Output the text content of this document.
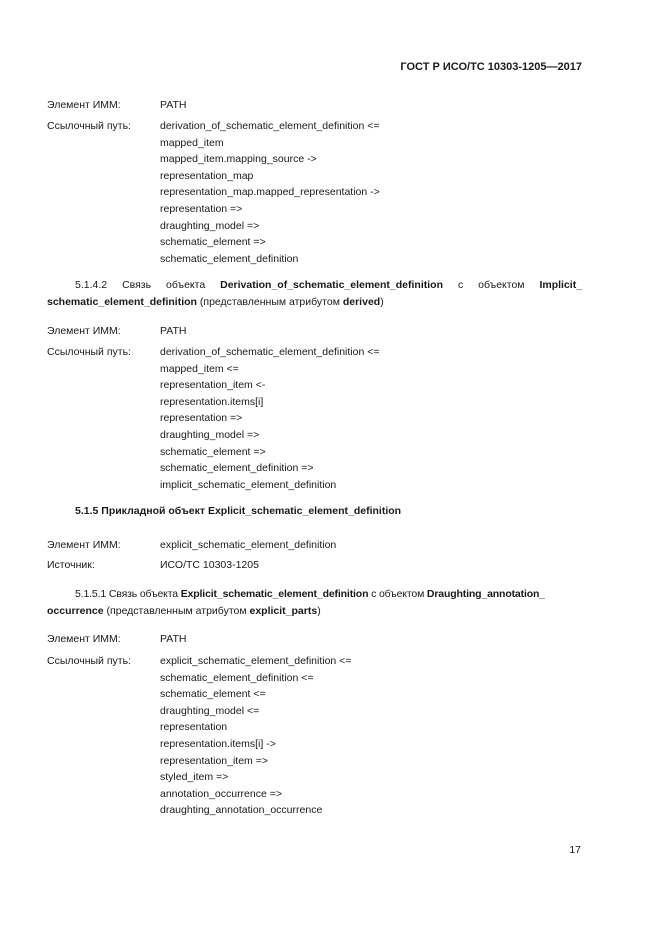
ГОСТ Р ИСО/ТС 10303-1205—2017
Элемент ИММ:	PATH
Ссылочный путь:	derivation_of_schematic_element_definition <=
mapped_item
mapped_item.mapping_source ->
representation_map
representation_map.mapped_representation ->
representation =>
draughting_model =>
schematic_element =>
schematic_element_definition
5.1.4.2 Связь объекта Derivation_of_schematic_element_definition с объектом Implicit_
schematic_element_definition (представленным атрибутом derived)
Элемент ИММ:	PATH
Ссылочный путь:	derivation_of_schematic_element_definition <=
mapped_item <=
representation_item <-
representation.items[i]
representation =>
draughting_model =>
schematic_element =>
schematic_element_definition =>
implicit_schematic_element_definition
5.1.5 Прикладной объект Explicit_schematic_element_definition
Элемент ИММ:	explicit_schematic_element_definition
Источник:	ИСО/ТС 10303-1205
5.1.5.1 Связь объекта Explicit_schematic_element_definition с объектом Draughting_annotation_
occurrence (представленным атрибутом explicit_parts)
Элемент ИММ:	PATH
Ссылочный путь:	explicit_schematic_element_definition <=
schematic_element_definition <=
schematic_element <=
draughting_model <=
representation
representation.items[i] ->
representation_item =>
styled_item =>
annotation_occurrence =>
draughting_annotation_occurrence
17
